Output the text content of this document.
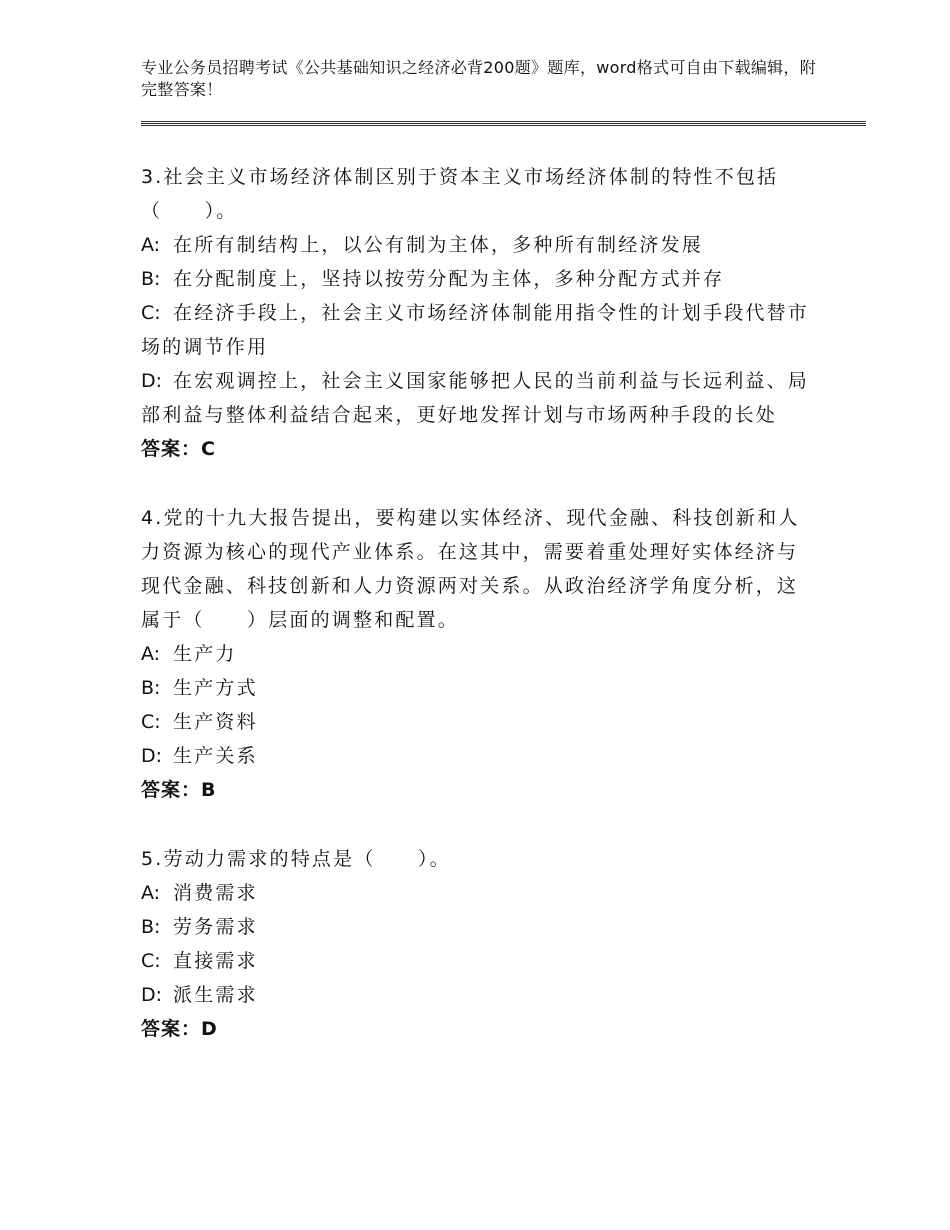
专业公务员招聘考试《公共基础知识之经济必背200题》题库，word格式可自由下载编辑，附完整答案！
3.社会主义市场经济体制区别于资本主义市场经济体制的特性不包括（　　）。
A: 在所有制结构上，以公有制为主体，多种所有制经济发展
B: 在分配制度上，坚持以按劳分配为主体，多种分配方式并存
C: 在经济手段上，社会主义市场经济体制能用指令性的计划手段代替市场的调节作用
D: 在宏观调控上，社会主义国家能够把人民的当前利益与长远利益、局部利益与整体利益结合起来，更好地发挥计划与市场两种手段的长处
答案：C
4.党的十九大报告提出，要构建以实体经济、现代金融、科技创新和人力资源为核心的现代产业体系。在这其中，需要着重处理好实体经济与现代金融、科技创新和人力资源两对关系。从政治经济学角度分析，这属于（　　）层面的调整和配置。
A: 生产力
B: 生产方式
C: 生产资料
D: 生产关系
答案：B
5.劳动力需求的特点是（　　）。
A: 消费需求
B: 劳务需求
C: 直接需求
D: 派生需求
答案：D
